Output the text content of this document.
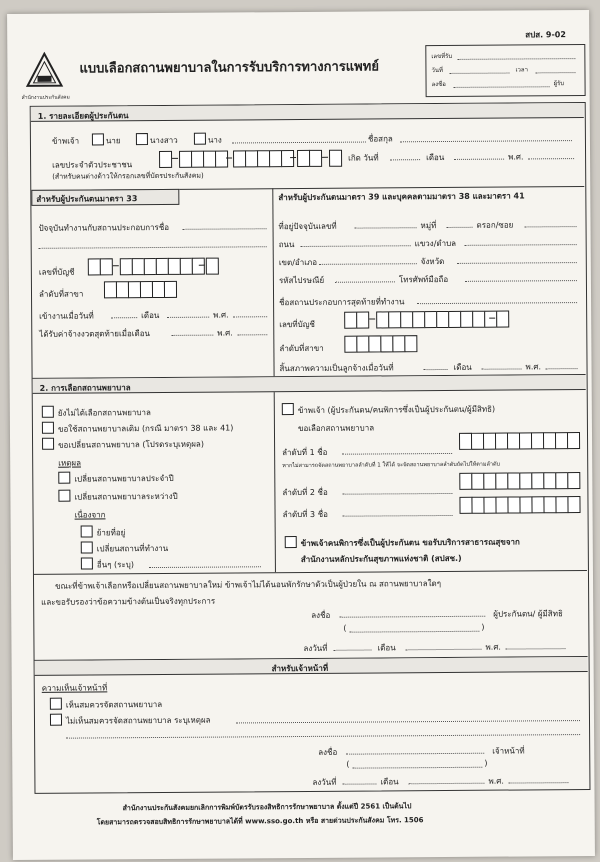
สำนักงานประกันสังคม
สปส. 9-02
แบบเลือกสถานพยาบาลในการรับบริการทางการแพทย์
เลขที่รับ
วันที่	เวลา
ลงชื่อ	ผู้รับ
1. รายละเอียดผู้ประกันตน
ข้าพเจ้า	นาย	นางสาว	นาง	ชื่อสกุล
เลขประจำตัวประชาชน
เกิด วันที่	เดือน	พ.ศ.
(สำหรับคนต่างด้าวให้กรอกเลขที่บัตรประกันสังคม)
สำหรับผู้ประกันตนมาตรา 33	สำหรับผู้ประกันตนมาตรา 39 และบุคคลตามมาตรา 38 และมาตรา 41
ปัจจุบันทำงานกับสถานประกอบการชื่อ
เลขที่บัญชี
ลำดับที่สาขา
เข้างานเมื่อวันที่	เดือน	พ.ศ.
ได้รับค่าจ้างงวดสุดท้ายเมื่อเดือน	พ.ศ.
ที่อยู่ปัจจุบันเลขที่	หมู่ที่	ตรอก/ซอย
ถนน	แขวง/ตำบล
เขต/อำเภอ	จังหวัด
รหัสไปรษณีย์	โทรศัพท์มือถือ
ชื่อสถานประกอบการสุดท้ายที่ทำงาน
เลขที่บัญชี
ลำดับที่สาขา
สิ้นสภาพความเป็นลูกจ้างเมื่อวันที่	เดือน	พ.ศ.
2. การเลือกสถานพยาบาล
ยังไม่ได้เลือกสถานพยาบาล
ขอใช้สถานพยาบาลเดิม (กรณี มาตรา 38 และ 41)
ขอเปลี่ยนสถานพยาบาล (โปรดระบุเหตุผล)
เหตุผล
เปลี่ยนสถานพยาบาลประจำปี
เปลี่ยนสถานพยาบาลระหว่างปี
เนื่องจาก
ย้ายที่อยู่
เปลี่ยนสถานที่ทำงาน
อื่นๆ (ระบุ)
ข้าพเจ้า (ผู้ประกันตน/คนพิการซึ่งเป็นผู้ประกันตน/ผู้มีสิทธิ)
ขอเลือกสถานพยาบาล
ลำดับที่ 1 ชื่อ
หากไม่สามารถจัดสถานพยาบาลลำดับที่ 1 ให้ได้ จะจัดสถานพยาบาลลำดับถัดไปให้ตามลำดับ
ลำดับที่ 2 ชื่อ
ลำดับที่ 3 ชื่อ
ข้าพเจ้าคนพิการซึ่งเป็นผู้ประกันตน ขอรับบริการสาธารณสุขจาก
สำนักงานหลักประกันสุขภาพแห่งชาติ (สปสช.)
ขณะที่ข้าพเจ้าเลือกหรือเปลี่ยนสถานพยาบาลใหม่ ข้าพเจ้าไม่ได้นอนพักรักษาตัวเป็นผู้ป่วยใน ณ สถานพยาบาลใดๆ
และขอรับรองว่าข้อความข้างต้นเป็นจริงทุกประการ
ลงชื่อ	ผู้ประกันตน/ ผู้มีสิทธิ
(	)
ลงวันที่	เดือน	พ.ศ.
สำหรับเจ้าหน้าที่
ความเห็นเจ้าหน้าที่
เห็นสมควรจัดสถานพยาบาล
ไม่เห็นสมควรจัดสถานพยาบาล ระบุเหตุผล
ลงชื่อ	เจ้าหน้าที่
(	)
ลงวันที่	เดือน	พ.ศ.
สำนักงานประกันสังคมยกเลิกการพิมพ์บัตรรับรองสิทธิการรักษาพยาบาล ตั้งแต่ปี 2561 เป็นต้นไป
โดยสามารถตรวจสอบสิทธิการรักษาพยาบาลได้ที่ www.sso.go.th หรือ สายด่วนประกันสังคม โทร. 1506
